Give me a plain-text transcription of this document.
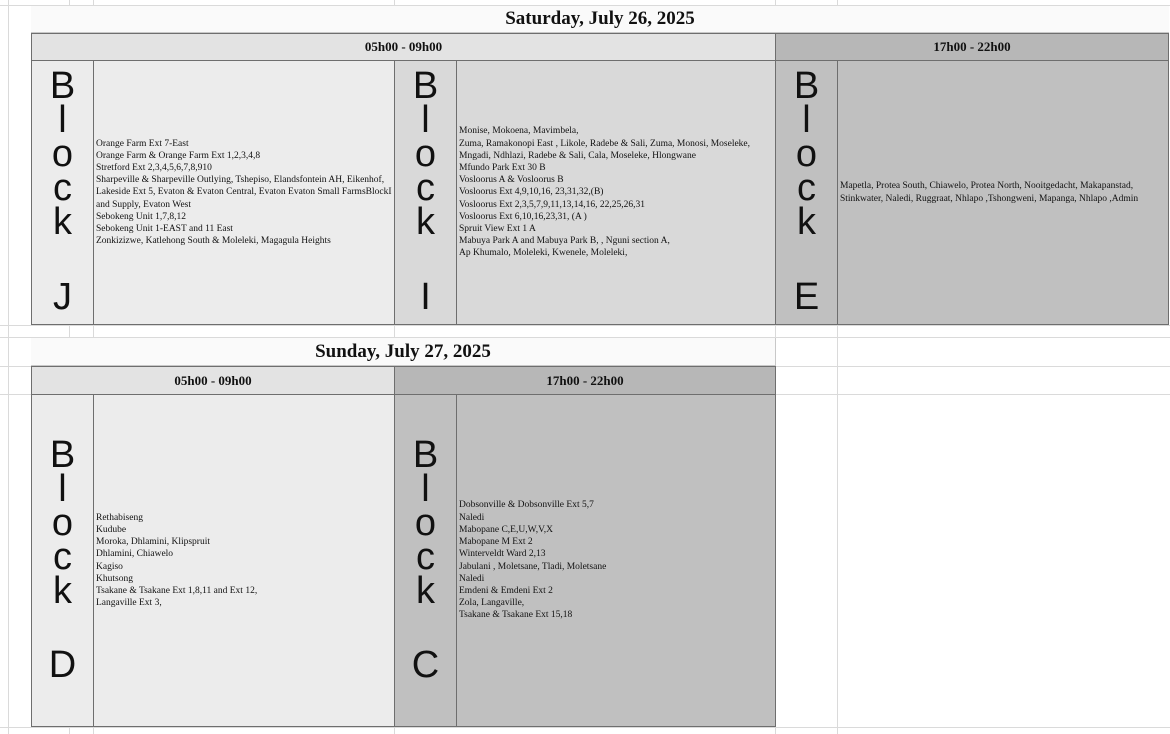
Saturday, July 26, 2025
05h00 - 09h00	17h00 - 22h00
B
l
o
c
k
J
Orange Farm Ext 7-East
Orange Farm & Orange Farm Ext 1,2,3,4,8
Stretford Ext 2,3,4,5,6,7,8,910
Sharpeville & Sharpeville Outlying, Tshepiso, Elandsfontein AH, Eikenhof,
Lakeside Ext 5, Evaton & Evaton Central, Evaton Evaton Small FarmsBlockI
and Supply, Evaton West
Sebokeng Unit 1,7,8,12
Sebokeng Unit 1-EAST and 11 East
Zonkizizwe, Katlehong South & Moleleki, Magagula Heights
B
l
o
c
k
I
Monise, Mokoena, Mavimbela,
Zuma, Ramakonopi East , Likole, Radebe & Sali, Zuma, Monosi, Moseleke,
Mngadi, Ndhlazi, Radebe & Sali, Cala, Moseleke, Hlongwane
Mfundo Park Ext 30 B
Vosloorus A & Vosloorus B
Vosloorus Ext 4,9,10,16, 23,31,32,(B)
Vosloorus Ext 2,3,5,7,9,11,13,14,16, 22,25,26,31
Vosloorus Ext 6,10,16,23,31, (A )
Spruit View Ext 1 A
Mabuya Park A and Mabuya Park B, , Nguni section A,
Ap Khumalo, Moleleki, Kwenele, Moleleki,
B
l
o
c
k
E
Mapetla, Protea South, Chiawelo, Protea North, Nooitgedacht, Makapanstad,
Stinkwater, Naledi, Ruggraat, Nhlapo ,Tshongweni, Mapanga, Nhlapo ,Admin
Sunday, July 27, 2025
05h00 - 09h00	17h00 - 22h00
B
l
o
c
k
D
Rethabiseng
Kudube
Moroka, Dhlamini, Klipspruit
Dhlamini, Chiawelo
Kagiso
Khutsong
Tsakane & Tsakane Ext 1,8,11 and Ext 12,
Langaville Ext 3,
B
l
o
c
k
C
Dobsonville & Dobsonville Ext 5,7
Naledi
Mabopane C,E,U,W,V,X
Mabopane M Ext 2
Winterveldt Ward 2,13
Jabulani , Moletsane, Tladi, Moletsane
Naledi
Emdeni & Emdeni Ext 2
Zola, Langaville,
Tsakane & Tsakane Ext 15,18
